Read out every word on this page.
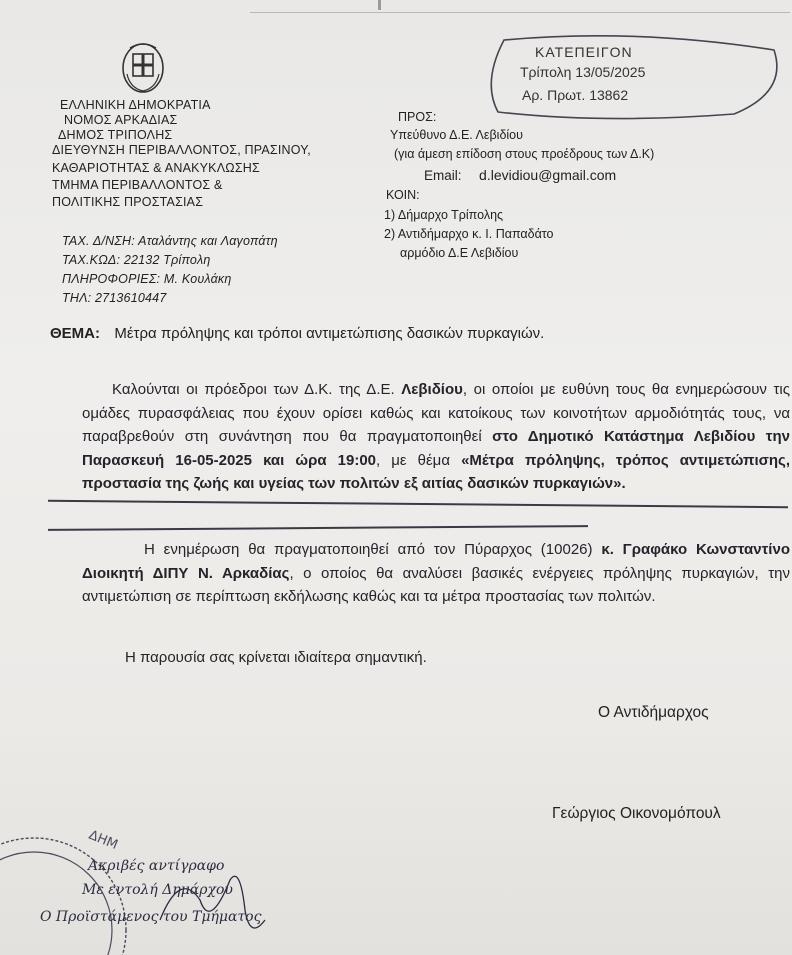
ΕΛΛΗΝΙΚΗ ΔΗΜΟΚΡΑΤΙΑ
ΝΟΜΟΣ ΑΡΚΑΔΙΑΣ
ΔΗΜΟΣ ΤΡΙΠΟΛΗΣ
ΔΙΕΥΘΥΝΣΗ ΠΕΡΙΒΑΛΛΟΝΤΟΣ, ΠΡΑΣΙΝΟΥ,
ΚΑΘΑΡΙΟΤΗΤΑΣ & ΑΝΑΚΥΚΛΩΣΗΣ
ΤΜΗΜΑ ΠΕΡΙΒΑΛΛΟΝΤΟΣ &
ΠΟΛΙΤΙΚΗΣ ΠΡΟΣΤΑΣΙΑΣ
ΤΑΧ. Δ/ΝΣΗ: Αταλάντης και Λαγοπάτη
ΤΑΧ.ΚΩΔ: 22132 Τρίπολη
ΠΛΗΡΟΦΟΡΙΕΣ: Μ. Κουλάκη
ΤΗΛ: 2713610447
ΚΑΤΕΠΕΙΓΟΝ
Τρίπολη 13/05/2025
Αρ. Πρωτ. 13862
ΠΡΟΣ:
Υπεύθυνο Δ.Ε. Λεβιδίου
(για άμεση επίδοση στους προέδρους των Δ.Κ)
Email: d.levidiou@gmail.com
ΚΟΙΝ:
1) Δήμαρχο Τρίπολης
2) Αντιδήμαρχο κ. Ι. Παπαδάτο
αρμόδιο Δ.Ε Λεβιδίου
ΘΕΜΑ: Μέτρα πρόληψης και τρόποι αντιμετώπισης δασικών πυρκαγιών.
Καλούνται οι πρόεδροι των Δ.Κ. της Δ.Ε. Λεβιδίου, οι οποίοι με ευθύνη τους θα ενημερώσουν τις ομάδες πυρασφάλειας που έχουν ορίσει καθώς και κατοίκους των κοινοτήτων αρμοδιότητάς τους, να παραβρεθούν στη συνάντηση που θα πραγματοποιηθεί στο Δημοτικό Κατάστημα Λεβιδίου την Παρασκευή 16-05-2025 και ώρα 19:00, με θέμα «Μέτρα πρόληψης, τρόπος αντιμετώπισης, προστασία της ζωής και υγείας των πολιτών εξ αιτίας δασικών πυρκαγιών».
Η ενημέρωση θα πραγματοποιηθεί από τον Πύραρχος (10026) κ. Γραφάκο Κωνσταντίνο Διοικητή ΔΙΠΥ Ν. Αρκαδίας, ο οποίος θα αναλύσει βασικές ενέργειες πρόληψης πυρκαγιών, την αντιμετώπιση σε περίπτωση εκδήλωσης καθώς και τα μέτρα προστασίας των πολιτών.
Η παρουσία σας κρίνεται ιδιαίτερα σημαντική.
Ο Αντιδήμαρχος
Γεώργιος Οικονομόπουλ
ΔΗΜ
Ακριβές αντίγραφο
Με εντολή Δημάρχου
Ο Προϊστάμενος του Τμήματος
